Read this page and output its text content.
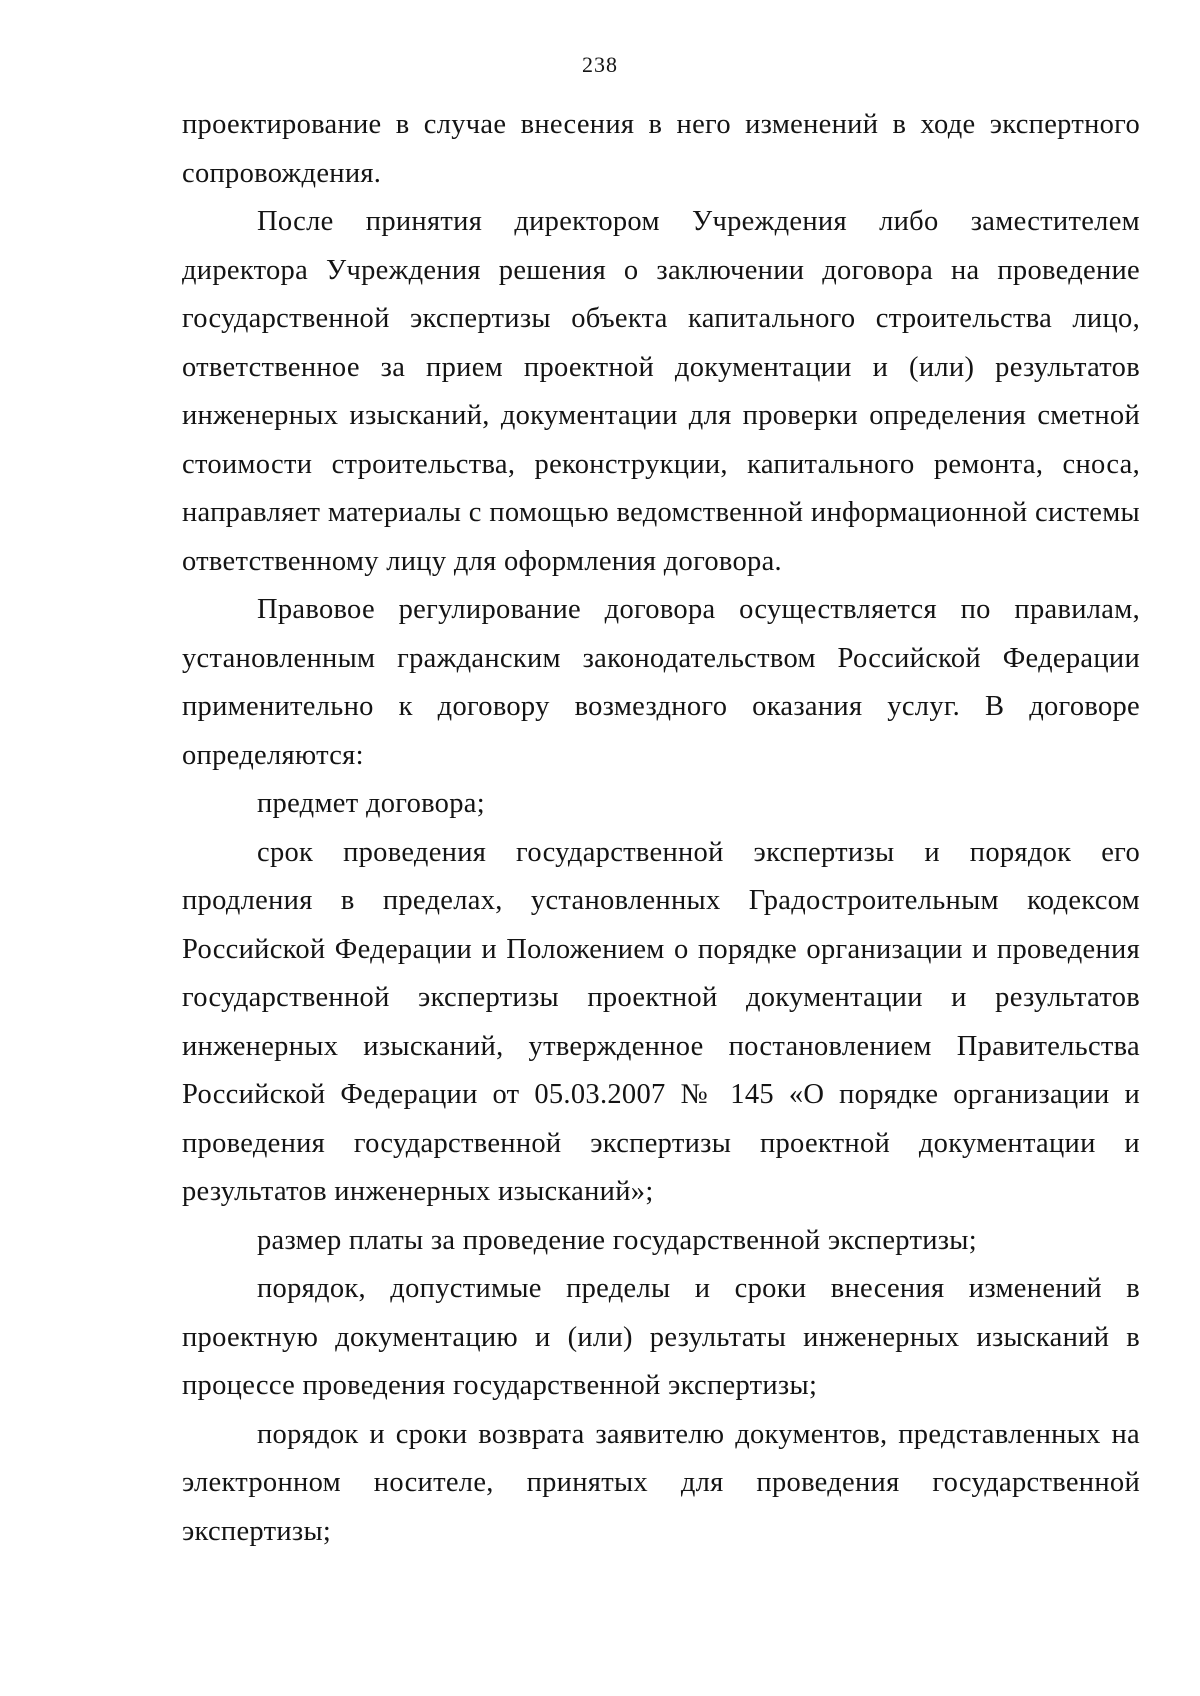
238

проектирование в случае внесения в него изменений в ходе экспертного сопровождения.

После принятия директором Учреждения либо заместителем директора Учреждения решения о заключении договора на проведение государственной экспертизы объекта капитального строительства лицо, ответственное за прием проектной документации и (или) результатов инженерных изысканий, документации для проверки определения сметной стоимости строительства, реконструкции, капитального ремонта, сноса, направляет материалы с помощью ведомственной информационной системы ответственному лицу для оформления договора.

Правовое регулирование договора осуществляется по правилам, установленным гражданским законодательством Российской Федерации применительно к договору возмездного оказания услуг. В договоре определяются:

предмет договора;

срок проведения государственной экспертизы и порядок его продления в пределах, установленных Градостроительным кодексом Российской Федерации и Положением о порядке организации и проведения государственной экспертизы проектной документации и результатов инженерных изысканий, утвержденное постановлением Правительства Российской Федерации от 05.03.2007 № 145 «О порядке организации и проведения государственной экспертизы проектной документации и результатов инженерных изысканий»;

размер платы за проведение государственной экспертизы;

порядок, допустимые пределы и сроки внесения изменений в проектную документацию и (или) результаты инженерных изысканий в процессе проведения государственной экспертизы;

порядок и сроки возврата заявителю документов, представленных на электронном носителе, принятых для проведения государственной экспертизы;
